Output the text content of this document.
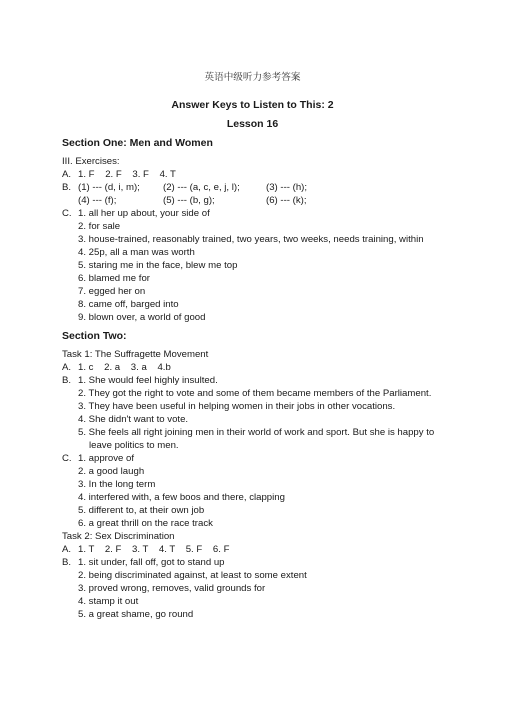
英语中级听力参考答案
Answer Keys to Listen to This: 2
Lesson 16
Section One: Men and Women
III. Exercises:
A. 1. F    2. F    3. F    4. T
B. (1) --- (d, i, m); (2) --- (a, c, e, j, l);	(3) --- (h);
(4) --- (f);	(5) --- (b, g);	(6) --- (k);
C. 1. all her up about, your side of
2. for sale
3. house-trained, reasonably trained, two years, two weeks, needs training, within
4. 25p, all a man was worth
5. staring me in the face, blew me top
6. blamed me for
7. egged her on
8. came off, barged into
9. blown over, a world of good
Section Two:
Task 1: The Suffragette Movement
A. 1. c    2. a    3. a    4.b
B. 1. She would feel highly insulted.
2. They got the right to vote and some of them became members of the Parliament.
3. They have been useful in helping women in their jobs in other vocations.
4. She didn't want to vote.
5. She feels all right joining men in their world of work and sport. But she is happy to
leave politics to men.
C. 1. approve of
2. a good laugh
3. In the long term
4. interfered with, a few boos and there, clapping
5. different to, at their own job
6. a great thrill on the race track
Task 2: Sex Discrimination
A. 1. T    2. F    3. T    4. T    5. F    6. F
B. 1. sit under, fall off, got to stand up
2. being discriminated against, at least to some extent
3. proved wrong, removes, valid grounds for
4. stamp it out
5. a great shame, go round
